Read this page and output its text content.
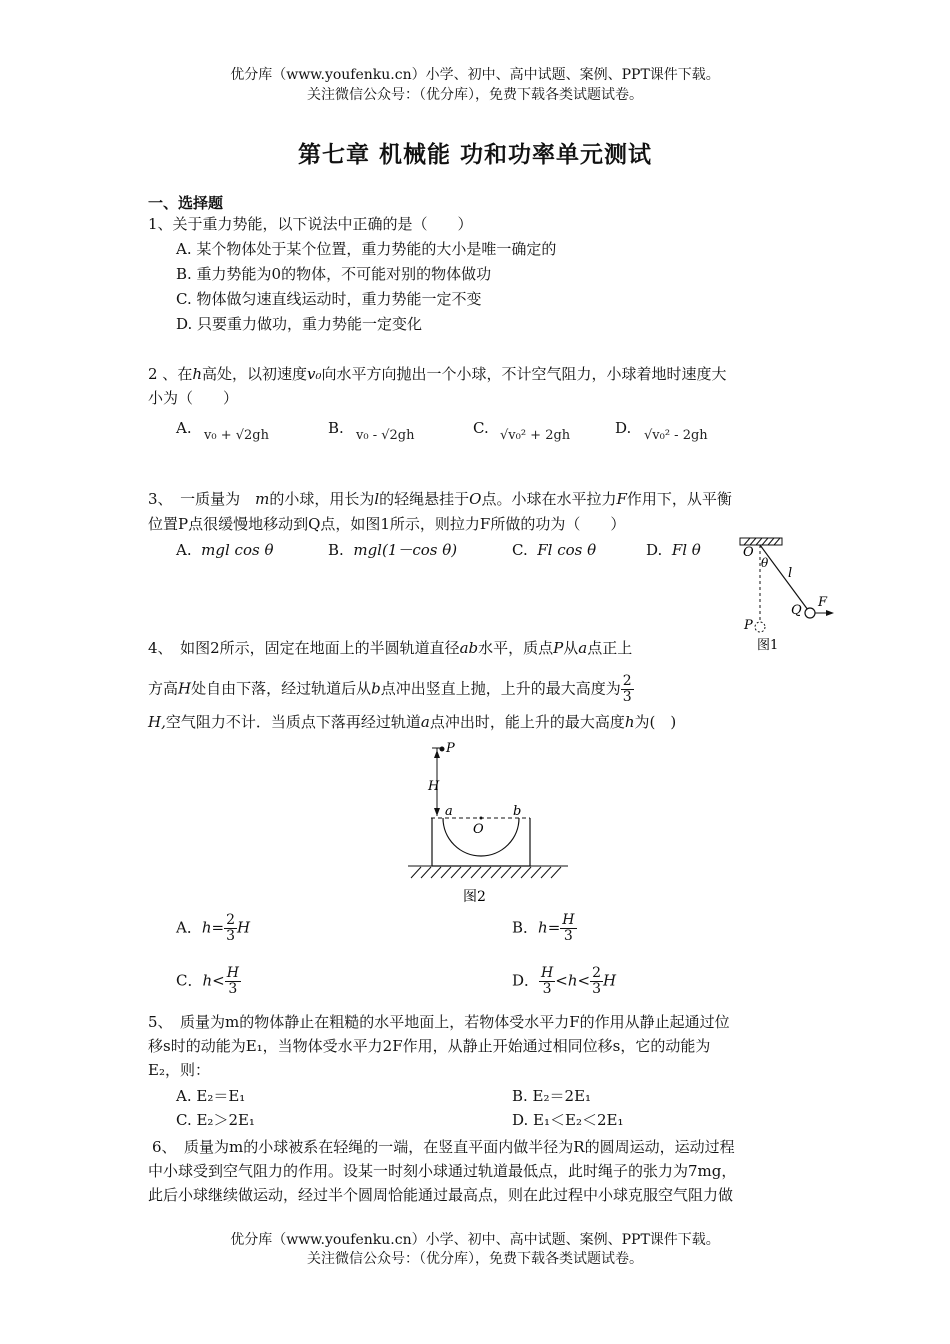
优分库（www.youfenku.cn）小学、初中、高中试题、案例、PPT课件下载。
关注微信公众号：（优分库），免费下载各类试题试卷。
第七章 机械能 功和功率单元测试
一、选择题
1、关于重力势能，以下说法中正确的是（　　）
A. 某个物体处于某个位置，重力势能的大小是唯一确定的
B. 重力势能为0的物体，不可能对别的物体做功
C. 物体做匀速直线运动时，重力势能一定不变
D. 只要重力做功，重力势能一定变化
2 、在h高处，以初速度v₀向水平方向抛出一个小球，不计空气阻力，小球着地时速度大
小为（　　）
A. v₀ + √2gh	B. v₀ - √2gh	C. √v₀² + 2gh	D. √v₀² - 2gh
3、　 一质量为　 m的小球，用长为l的轻绳悬挂于O点。小球在水平拉力F作用下，从平衡
位置P点很缓慢地移动到Q点，如图1所示，则拉力F所做的功为（　　）
A. mgl cos θ	B. mgl(1－cos θ)	C. Fl cos θ	D. Fl θ	O
θ
l
F
Q
P
图1
4、　 如图2所示，固定在地面上的半圆轨道直径ab水平，质点P从a点正上
方高H处自由下落，经过轨道后从b点冲出竖直上抛，上升的最大高度为 $\frac{2}{3}$
H,空气阻力不计．当质点下落再经过轨道a点冲出时，能上升的最大高度h为(　)
P
H
a	b
O
图2
A．$h= \frac{2}{3}$ H	B．$h= \frac{H}{3}$
C．$h< \frac{H}{3}$	D． $\frac{H}{3} <h< \frac{2}{3}$ H
5、　质量为m的物体静止在粗糙的水平地面上，若物体受水平力F的作用从静止起通过位
移s时的动能为E₁，当物体受水平力2F作用，从静止开始通过相同位移s，它的动能为
E₂，则：
A. E₂＝E₁	B. E₂＝2E₁
C. E₂＞2E₁	D. E₁＜E₂＜2E₁
6、　质量为m的小球被系在轻绳的一端，在竖直平面内做半径为R的圆周运动，运动过程
中小球受到空气阻力的作用。设某一时刻小球通过轨道最低点，此时绳子的张力为7mg，
此后小球继续做运动，经过半个圆周恰能通过最高点，则在此过程中小球克服空气阻力做
优分库（www.youfenku.cn）小学、初中、高中试题、案例、PPT课件下载。
关注微信公众号：（优分库），免费下载各类试题试卷。
